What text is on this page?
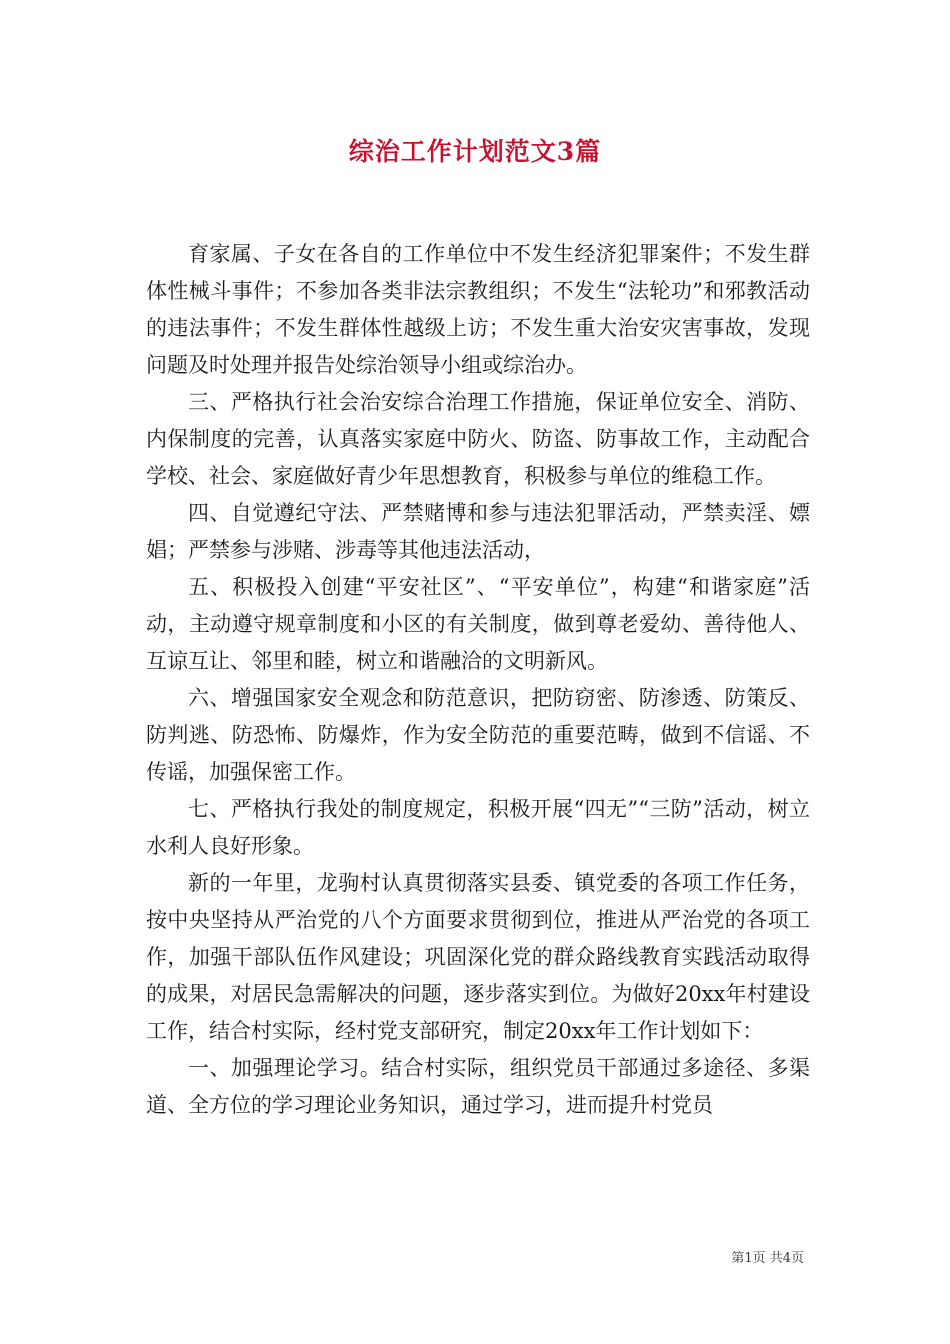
综治工作计划范文3篇

育家属、子女在各自的工作单位中不发生经济犯罪案件；不发生群体性械斗事件；不参加各类非法宗教组织；不发生“法轮功”和邪教活动的违法事件；不发生群体性越级上访；不发生重大治安灾害事故，发现问题及时处理并报告处综治领导小组或综治办。

三、严格执行社会治安综合治理工作措施，保证单位安全、消防、内保制度的完善，认真落实家庭中防火、防盗、防事故工作，主动配合学校、社会、家庭做好青少年思想教育，积极参与单位的维稳工作。

四、自觉遵纪守法、严禁赌博和参与违法犯罪活动，严禁卖淫、嫖娼；严禁参与涉赌、涉毒等其他违法活动，

五、积极投入创建“平安社区”、“平安单位”，构建“和谐家庭”活动，主动遵守规章制度和小区的有关制度，做到尊老爱幼、善待他人、互谅互让、邻里和睦，树立和谐融洽的文明新风。

六、增强国家安全观念和防范意识，把防窃密、防渗透、防策反、防判逃、防恐怖、防爆炸，作为安全防范的重要范畴，做到不信谣、不传谣，加强保密工作。

七、严格执行我处的制度规定，积极开展“四无”“三防”活动，树立水利人良好形象。

新的一年里，龙驹村认真贯彻落实县委、镇党委的各项工作任务，按中央坚持从严治党的八个方面要求贯彻到位，推进从严治党的各项工作，加强干部队伍作风建设；巩固深化党的群众路线教育实践活动取得的成果，对居民急需解决的问题，逐步落实到位。为做好20xx年村建设工作，结合村实际，经村党支部研究，制定20xx年工作计划如下：

一、加强理论学习。结合村实际，组织党员干部通过多途径、多渠道、全方位的学习理论业务知识，通过学习，进而提升村党员

第1页 共4页
